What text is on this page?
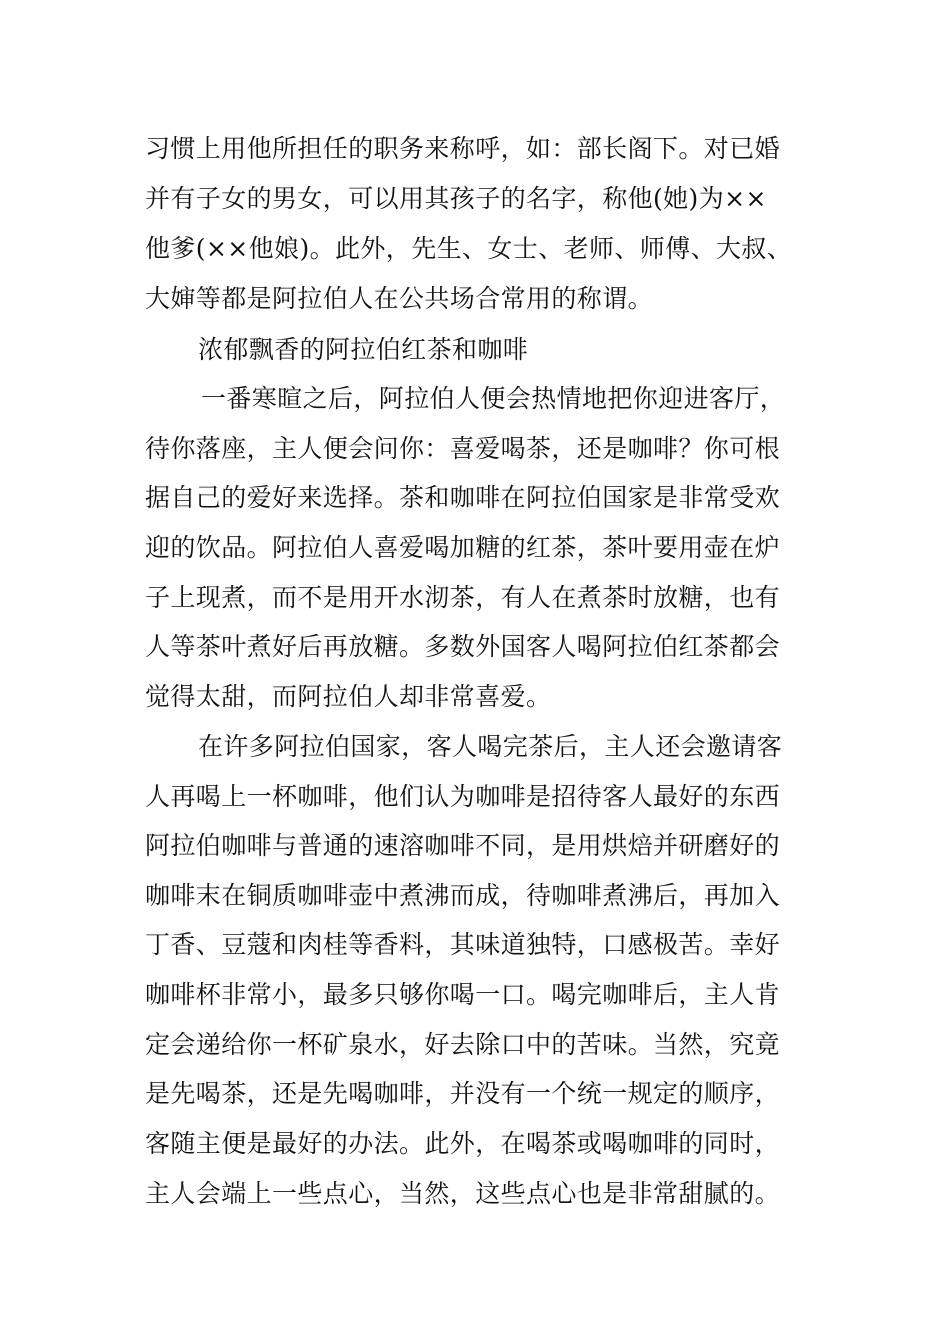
习惯上用他所担任的职务来称呼，如：部长阁下。对已婚
并有子女的男女，可以用其孩子的名字，称他(她)为××
他爹(××他娘)。此外，先生、女士、老师、师傅、大叔、
大婶等都是阿拉伯人在公共场合常用的称谓。
浓郁飘香的阿拉伯红茶和咖啡
一番寒暄之后，阿拉伯人便会热情地把你迎进客厅，
待你落座，主人便会问你：喜爱喝茶，还是咖啡？你可根
据自己的爱好来选择。茶和咖啡在阿拉伯国家是非常受欢
迎的饮品。阿拉伯人喜爱喝加糖的红茶，茶叶要用壶在炉
子上现煮，而不是用开水沏茶，有人在煮茶时放糖，也有
人等茶叶煮好后再放糖。多数外国客人喝阿拉伯红茶都会
觉得太甜，而阿拉伯人却非常喜爱。
在许多阿拉伯国家，客人喝完茶后，主人还会邀请客
人再喝上一杯咖啡，他们认为咖啡是招待客人最好的东西
阿拉伯咖啡与普通的速溶咖啡不同，是用烘焙并研磨好的
咖啡末在铜质咖啡壶中煮沸而成，待咖啡煮沸后，再加入
丁香、豆蔻和肉桂等香料，其味道独特，口感极苦。幸好
咖啡杯非常小，最多只够你喝一口。喝完咖啡后，主人肯
定会递给你一杯矿泉水，好去除口中的苦味。当然，究竟
是先喝茶，还是先喝咖啡，并没有一个统一规定的顺序，
客随主便是最好的办法。此外，在喝茶或喝咖啡的同时，
主人会端上一些点心，当然，这些点心也是非常甜腻的。
